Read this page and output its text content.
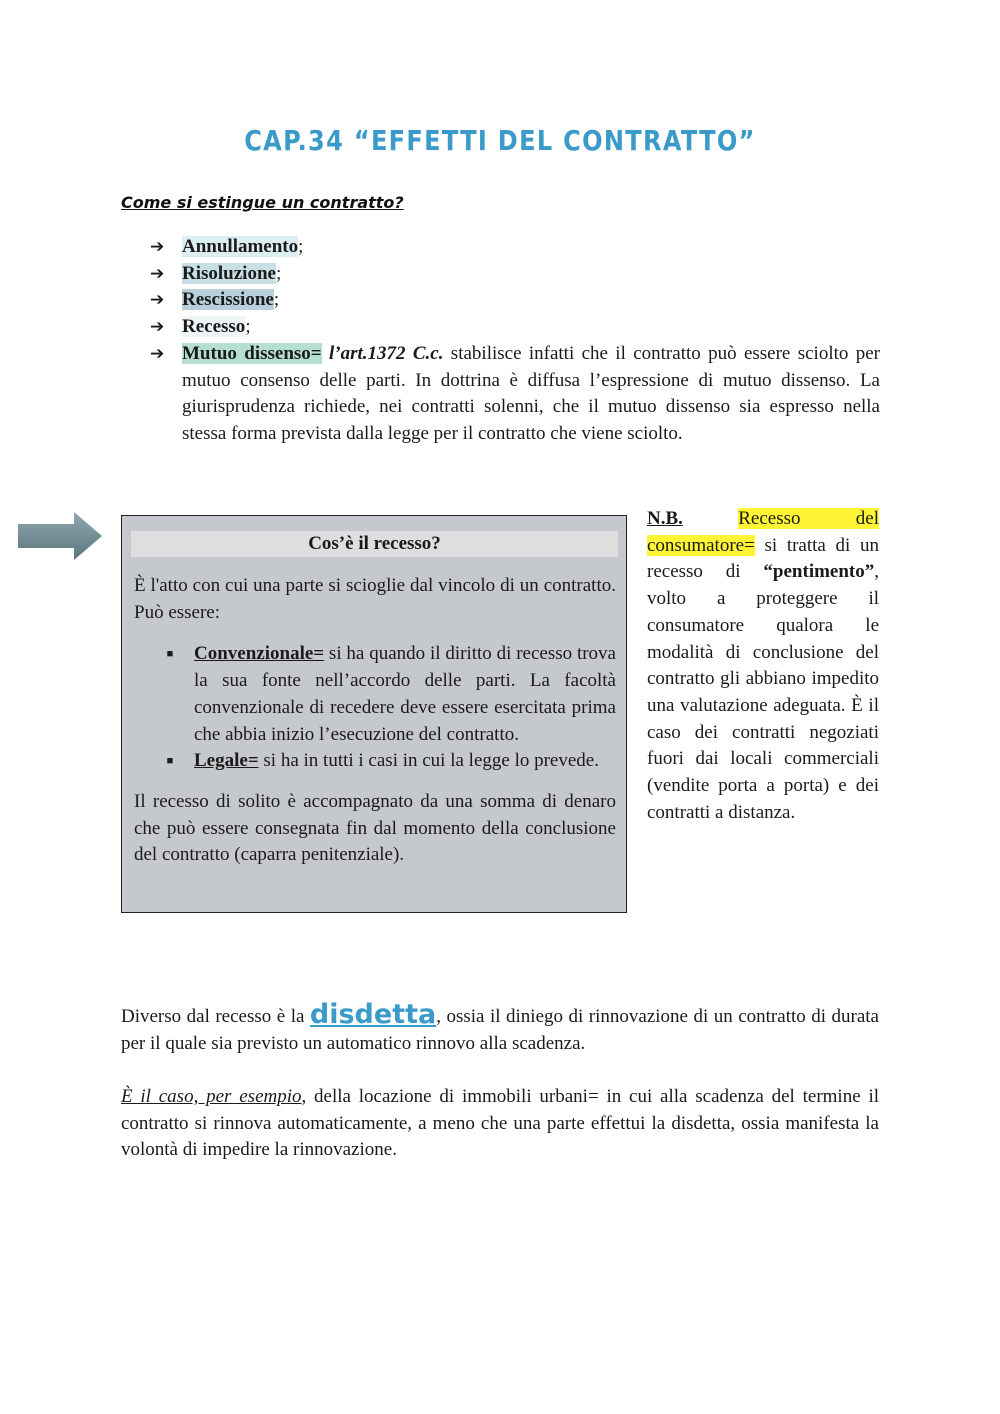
CAP.34 “EFFETTI DEL CONTRATTO”
Come si estingue un contratto?
➔ Annullamento;
➔ Risoluzione;
➔ Rescissione;
➔ Recesso;
➔ Mutuo dissenso= l’art.1372 C.c. stabilisce infatti che il contratto può essere sciolto per mutuo consenso delle parti. In dottrina è diffusa l’espressione di mutuo dissenso. La giurisprudenza richiede, nei contratti solenni, che il mutuo dissenso sia espresso nella stessa forma prevista dalla legge per il contratto che viene sciolto.
Cos’è il recesso?

È l'atto con cui una parte si scioglie dal vincolo di un contratto. Può essere:

■	Convenzionale= si ha quando il diritto di recesso trova la sua fonte nell’accordo delle parti. La facoltà convenzionale di recedere deve essere esercitata prima che abbia inizio l’esecuzione del contratto.
■	Legale= si ha in tutti i casi in cui la legge lo prevede.

Il recesso di solito è accompagnato da una somma di denaro che può essere consegnata fin dal momento della conclusione del contratto (caparra penitenziale).

N.B.	Recesso del consumatore= si tratta di un recesso di “pentimento”, volto a proteggere il consumatore qualora le modalità di conclusione del contratto gli abbiano impedito una valutazione adeguata. È il caso dei contratti negoziati fuori dai locali commerciali (vendite porta a porta) e dei contratti a distanza.

Diverso dal recesso è la disdetta, ossia il diniego di rinnovazione di un contratto di durata per il quale sia previsto un automatico rinnovo alla scadenza.

È il caso, per esempio, della locazione di immobili urbani= in cui alla scadenza del termine il contratto si rinnova automaticamente, a meno che una parte effettui la disdetta, ossia manifesta la volontà di impedire la rinnovazione.
